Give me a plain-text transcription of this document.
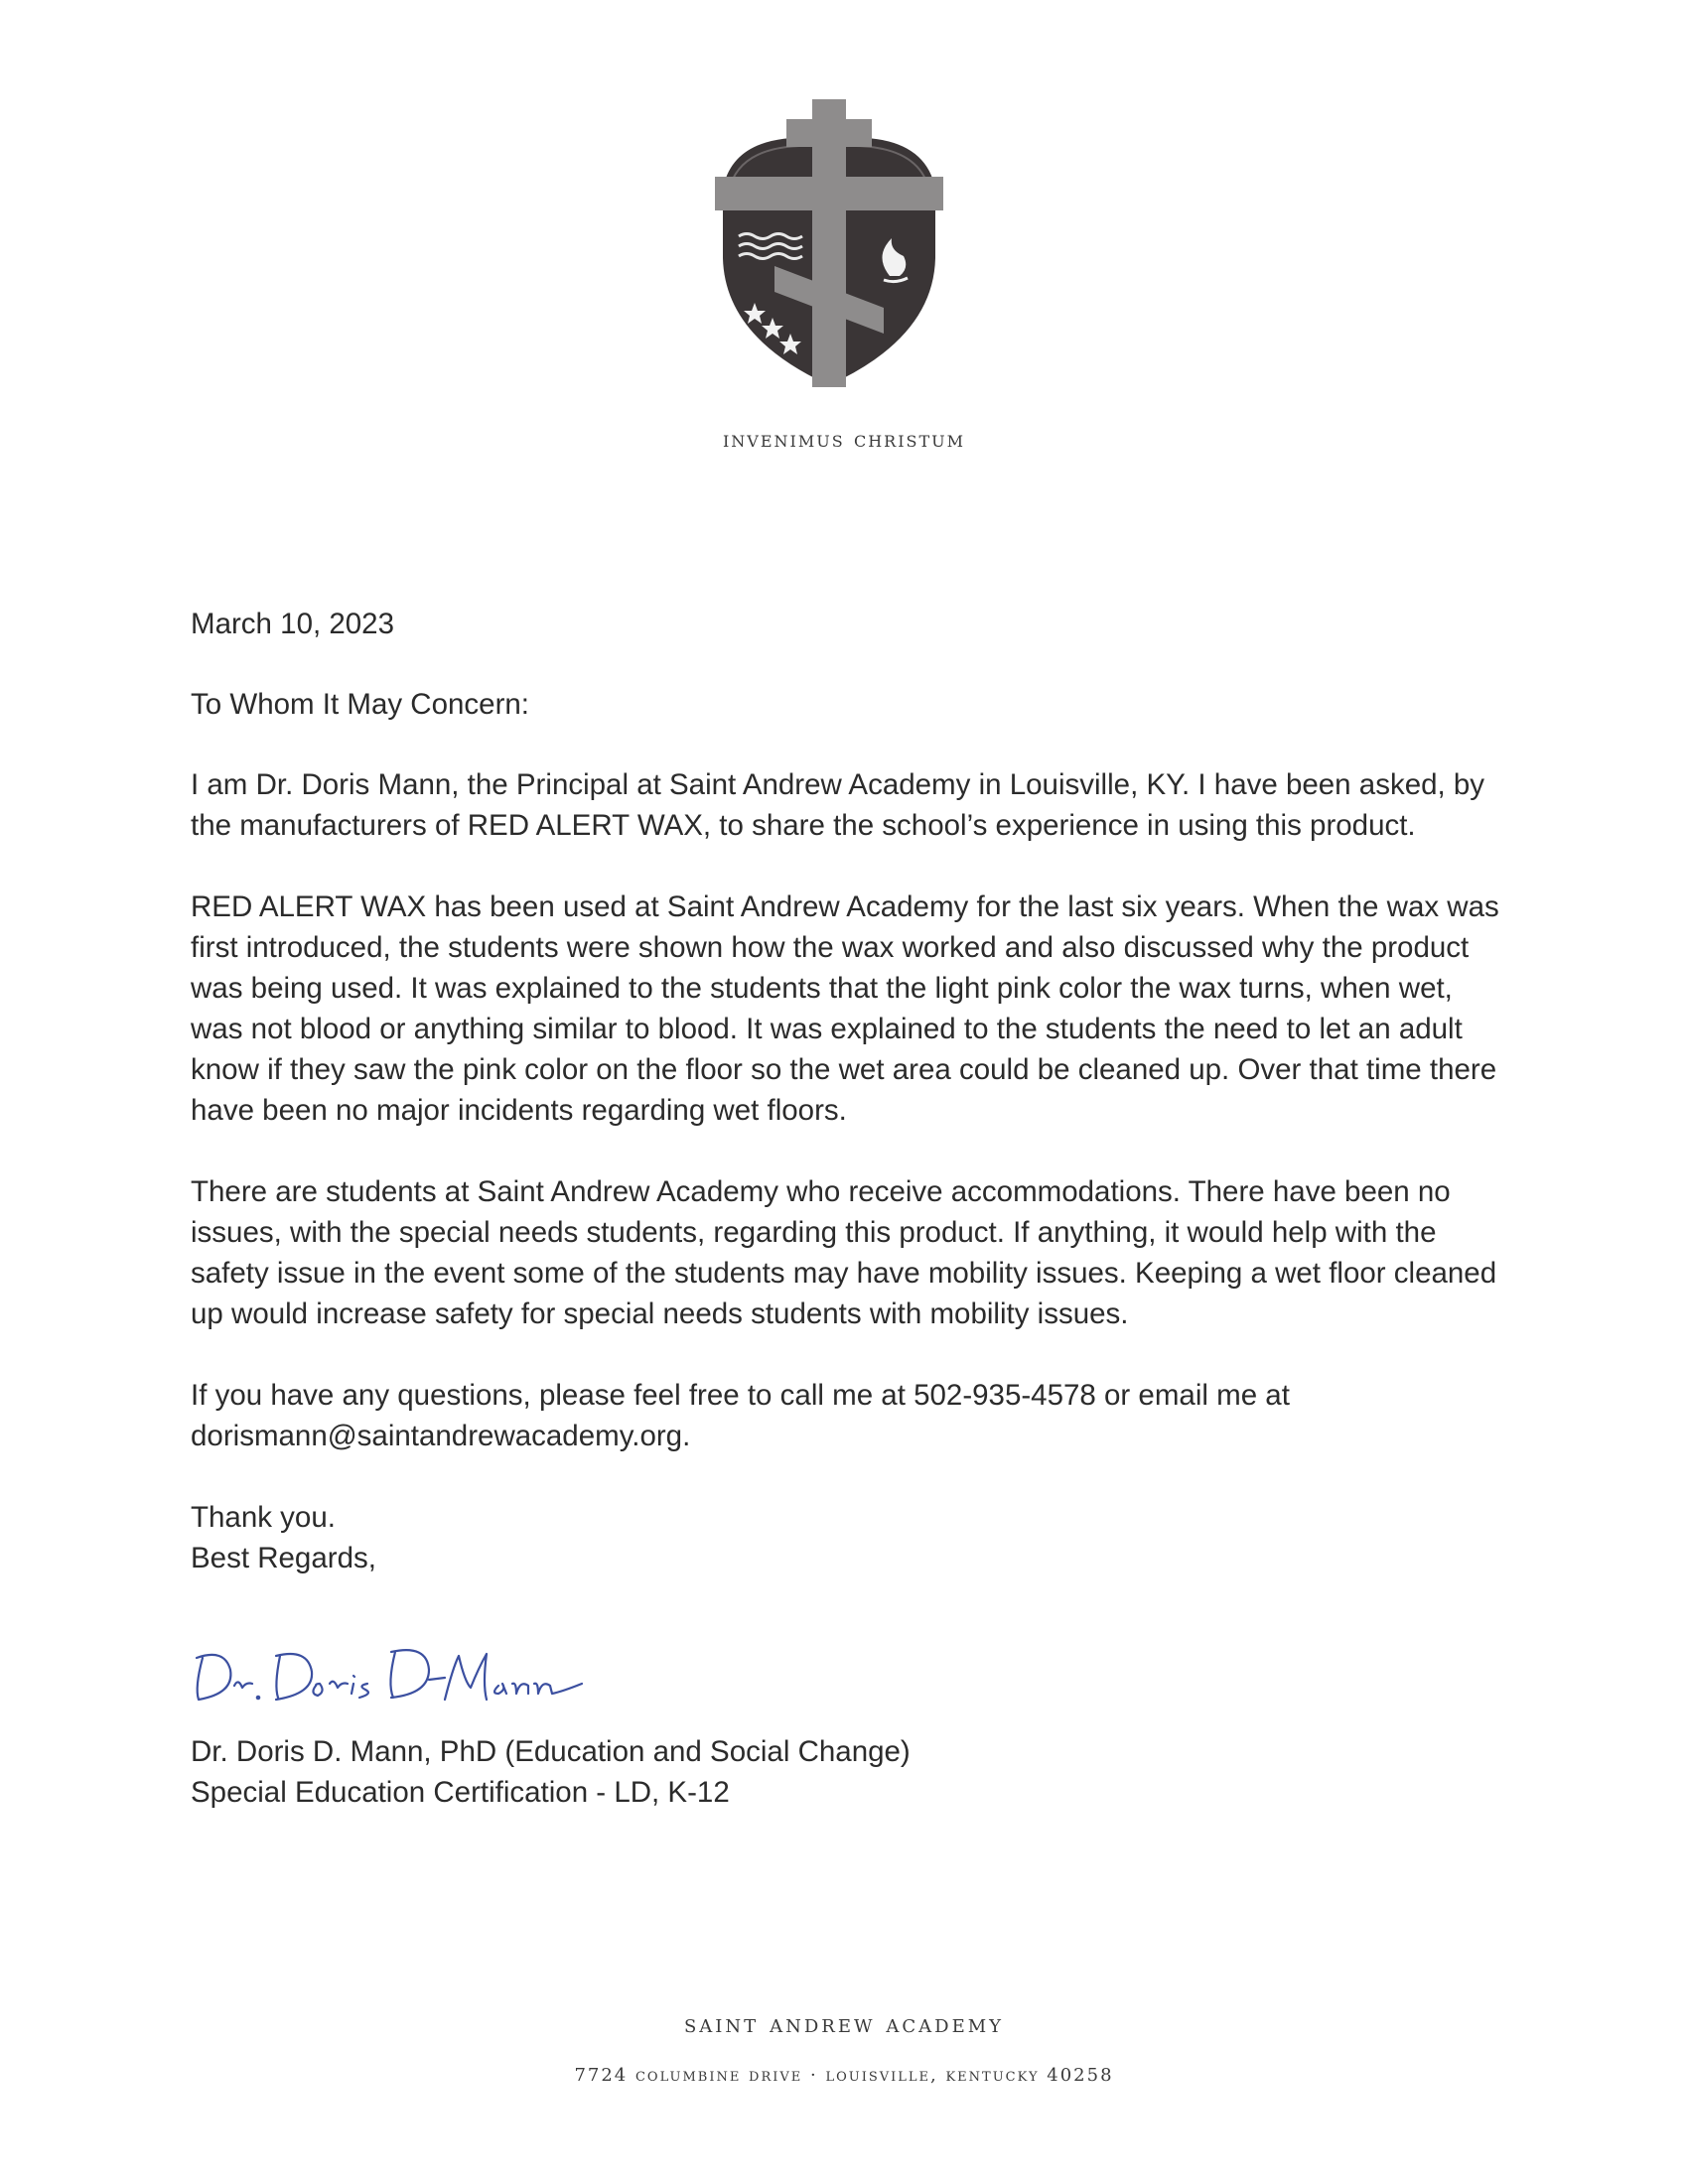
invenimus christum

March 10, 2023

To Whom It May Concern:

I am Dr. Doris Mann, the Principal at Saint Andrew Academy in Louisville, KY. I have been asked, by the manufacturers of RED ALERT WAX, to share the school’s experience in using this product.

RED ALERT WAX has been used at Saint Andrew Academy for the last six years. When the wax was first introduced, the students were shown how the wax worked and also discussed why the product was being used. It was explained to the students that the light pink color the wax turns, when wet, was not blood or anything similar to blood. It was explained to the students the need to let an adult know if they saw the pink color on the floor so the wet area could be cleaned up. Over that time there have been no major incidents regarding wet floors.

There are students at Saint Andrew Academy who receive accommodations. There have been no issues, with the special needs students, regarding this product. If anything, it would help with the safety issue in the event some of the students may have mobility issues. Keeping a wet floor cleaned up would increase safety for special needs students with mobility issues.

If you have any questions, please feel free to call me at 502-935-4578 or email me at dorismann@saintandrewacademy.org.

Thank you.

Best Regards,

Dr. Doris D. Mann, PhD (Education and Social Change)

Special Education Certification - LD, K-12

saint andrew academy
7724 columbine drive · louisville, kentucky 40258
